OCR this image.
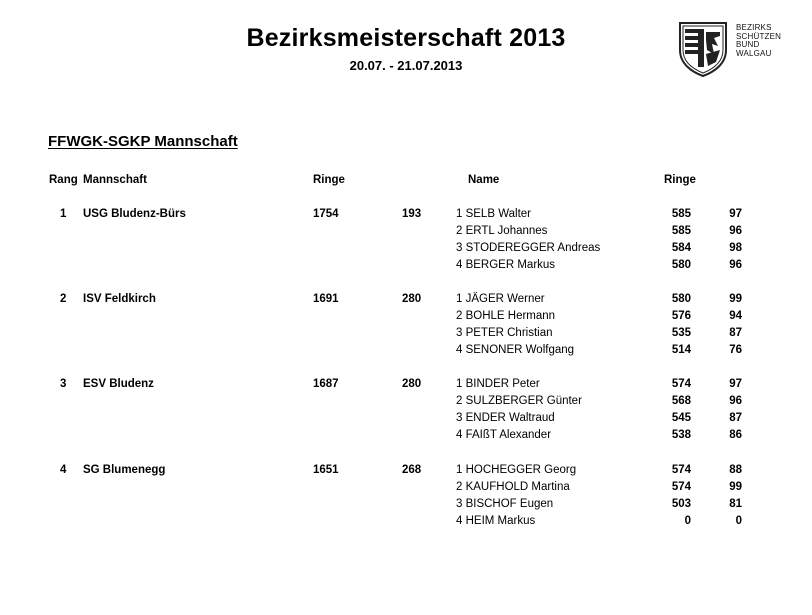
Bezirksmeisterschaft 2013
20.07. - 21.07.2013
BEZIRKS
SCHÜTZEN
BUND
WALGAU
FFWGK-SGKP Mannschaft
Rang Mannschaft	Ringe	Name	Ringe
1 USG Bludenz-Bürs	1754	193	1 SELB Walter	585	97
2 ERTL Johannes	585	96
3 STODEREGGER Andreas	584	98
4 BERGER Markus	580	96
2 ISV Feldkirch	1691	280	1 JÄGER Werner	580	99
2 BOHLE Hermann	576	94
3 PETER Christian	535	87
4 SENONER Wolfgang	514	76
3 ESV Bludenz	1687	280	1 BINDER Peter	574	97
2 SULZBERGER Günter	568	96
3 ENDER Waltraud	545	87
4 FAIßT Alexander	538	86
4 SG Blumenegg	1651	268	1 HOCHEGGER Georg	574	88
2 KAUFHOLD Martina	574	99
3 BISCHOF Eugen	503	81
4 HEIM Markus	0	0
